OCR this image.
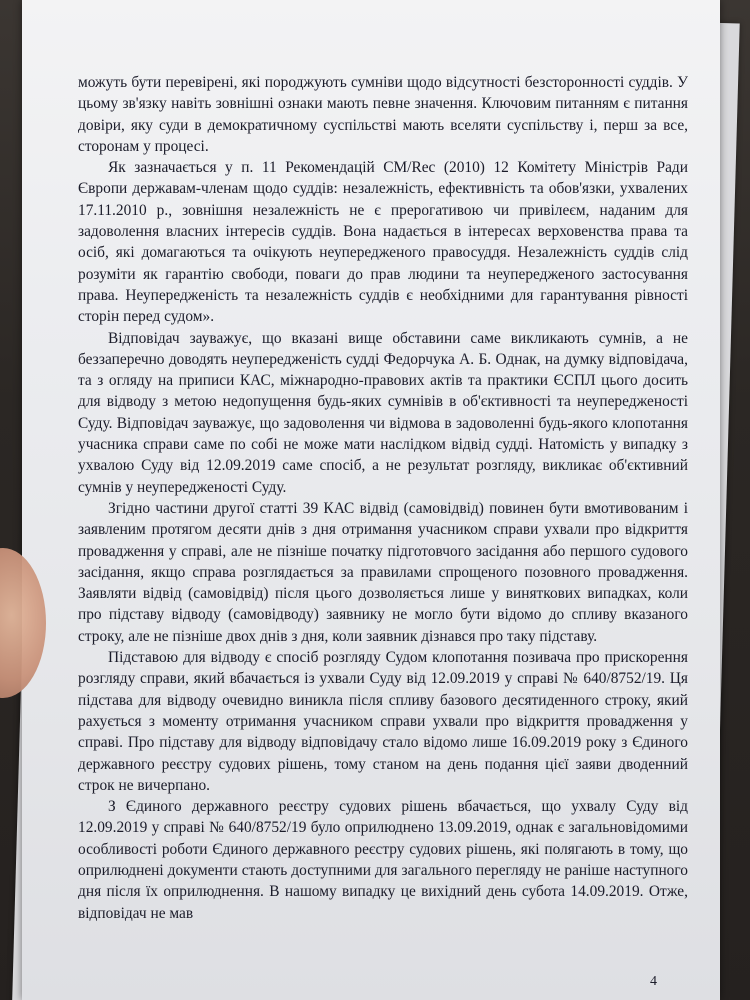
можуть бути перевірені, які породжують сумніви щодо відсутності безсторонності суддів. У цьому зв'язку навіть зовнішні ознаки мають певне значення. Ключовим питанням є питання довіри, яку суди в демократичному суспільстві мають вселяти суспільству і, перш за все, сторонам у процесі.

Як зазначається у п. 11 Рекомендацій CM/Rec (2010) 12 Комітету Міністрів Ради Європи державам-членам щодо суддів: незалежність, ефективність та обов'язки, ухвалених 17.11.2010 р., зовнішня незалежність не є прерогативою чи привілеєм, наданим для задоволення власних інтересів суддів. Вона надається в інтересах верховенства права та осіб, які домагаються та очікують неупередженого правосуддя. Незалежність суддів слід розуміти як гарантію свободи, поваги до прав людини та неупередженого застосування права. Неупередженість та незалежність суддів є необхідними для гарантування рівності сторін перед судом».

Відповідач зауважує, що вказані вище обставини саме викликають сумнів, а не беззаперечно доводять неупередженість судді Федорчука А. Б. Однак, на думку відповідача, та з огляду на приписи КАС, міжнародно-правових актів та практики ЄСПЛ цього досить для відводу з метою недопущення будь-яких сумнівів в об'єктивності та неупередженості Суду. Відповідач зауважує, що задоволення чи відмова в задоволенні будь-якого клопотання учасника справи саме по собі не може мати наслідком відвід судді. Натомість у випадку з ухвалою Суду від 12.09.2019 саме спосіб, а не результат розгляду, викликає об'єктивний сумнів у неупередженості Суду.

Згідно частини другої статті 39 КАС відвід (самовідвід) повинен бути вмотивованим і заявленим протягом десяти днів з дня отримання учасником справи ухвали про відкриття провадження у справі, але не пізніше початку підготовчого засідання або першого судового засідання, якщо справа розглядається за правилами спрощеного позовного провадження. Заявляти відвід (самовідвід) після цього дозволяється лише у виняткових випадках, коли про підставу відводу (самовідводу) заявнику не могло бути відомо до спливу вказаного строку, але не пізніше двох днів з дня, коли заявник дізнався про таку підставу.

Підставою для відводу є спосіб розгляду Судом клопотання позивача про прискорення розгляду справи, який вбачається із ухвали Суду від 12.09.2019 у справі № 640/8752/19. Ця підстава для відводу очевидно виникла після спливу базового десятиденного строку, який рахується з моменту отримання учасником справи ухвали про відкриття провадження у справі. Про підставу для відводу відповідачу стало відомо лише 16.09.2019 року з Єдиного державного реєстру судових рішень, тому станом на день подання цієї заяви дводенний строк не вичерпано.

З Єдиного державного реєстру судових рішень вбачається, що ухвалу Суду від 12.09.2019 у справі № 640/8752/19 було оприлюднено 13.09.2019, однак є загальновідомими особливості роботи Єдиного державного реєстру судових рішень, які полягають в тому, що оприлюднені документи стають доступними для загального перегляду не раніше наступного дня після їх оприлюднення. В нашому випадку це вихідний день субота 14.09.2019. Отже, відповідач не мав

4
